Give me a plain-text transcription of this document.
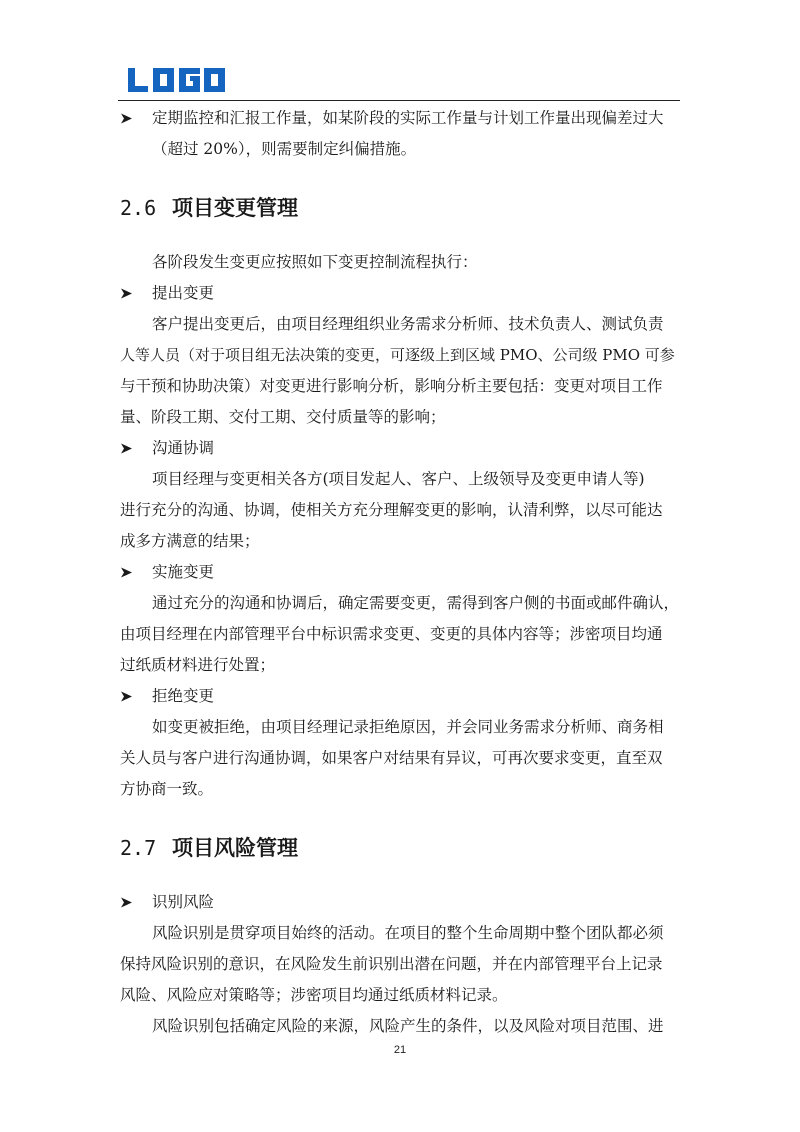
定期监控和汇报工作量，如某阶段的实际工作量与计划工作量出现偏差过大
（超过 20%），则需要制定纠偏措施。
2.6 项目变更管理
各阶段发生变更应按照如下变更控制流程执行：
提出变更
客户提出变更后，由项目经理组织业务需求分析师、技术负责人、测试负责
人等人员（对于项目组无法决策的变更，可逐级上到区域 PMO、公司级 PMO 可参
与干预和协助决策）对变更进行影响分析，影响分析主要包括：变更对项目工作
量、阶段工期、交付工期、交付质量等的影响；
沟通协调
项目经理与变更相关各方(项目发起人、客户、上级领导及变更申请人等)
进行充分的沟通、协调，使相关方充分理解变更的影响，认清利弊，以尽可能达
成多方满意的结果；
实施变更
通过充分的沟通和协调后，确定需要变更，需得到客户侧的书面或邮件确认，
由项目经理在内部管理平台中标识需求变更、变更的具体内容等；涉密项目均通
过纸质材料进行处置；
拒绝变更
如变更被拒绝，由项目经理记录拒绝原因，并会同业务需求分析师、商务相
关人员与客户进行沟通协调，如果客户对结果有异议，可再次要求变更，直至双
方协商一致。
2.7 项目风险管理
识别风险
风险识别是贯穿项目始终的活动。在项目的整个生命周期中整个团队都必须
保持风险识别的意识，在风险发生前识别出潜在问题，并在内部管理平台上记录
风险、风险应对策略等；涉密项目均通过纸质材料记录。
风险识别包括确定风险的来源，风险产生的条件，以及风险对项目范围、进
21
